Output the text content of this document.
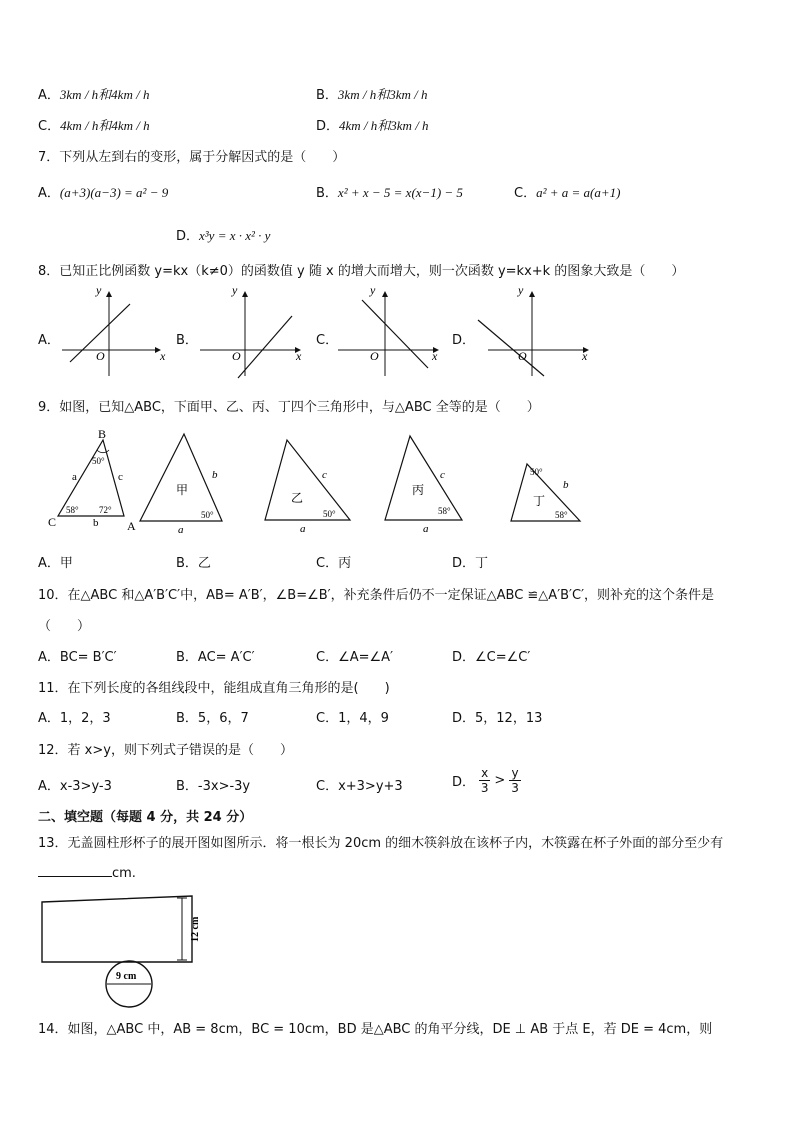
A．3km / h和4km / h	B．3km / h和3km / h
C．4km / h和4km / h	D．4km / h和3km / h
7．下列从左到右的变形，属于分解因式的是（　　）
A．(a+3)(a−3) = a² − 9	B．x² + x − 5 = x(x−1) − 5	C．a² + a = a(a+1)
D．x³y = x · x² · y
8．已知正比例函数 y=kx（k≠0）的函数值 y 随 x 的增大而增大，则一次函数 y=kx+k 的图象大致是（　　）
A．	B．	C．	D．
O	x
y
O	x
y
O	x
y
O	x
y
9．如图，已知△ABC，下面甲、乙、丙、丁四个三角形中，与△ABC 全等的是（　　）
B
C	A
a	c
b
50°
58° 72°
甲
b
a
50°
乙
c
a
50°
丙
c
a
58°
丁
b
50°
58°
A．甲	B．乙	C．丙	D．丁
10．在△ABC 和△A′B′C′中，AB= A′B′，∠B=∠B′，补充条件后仍不一定保证△ABC ≌△A′B′C′，则补充的这个条件是
（　　）
A．BC= B′C′	B．AC= A′C′	C．∠A=∠A′	D．∠C=∠C′
11．在下列长度的各组线段中，能组成直角三角形的是(　　)
A．1，2，3	B．5，6，7	C．1，4，9	D．5，12，13
12．若 x>y，则下列式子错误的是（　　）
A．x-3>y-3	B．-3x>-3y	C．x+3>y+3	D． $\frac{x}{3} > \frac{y}{3}$
二、填空题（每题 4 分，共 24 分）
13．无盖圆柱形杯子的展开图如图所示．将一根长为 20cm 的细木筷斜放在该杯子内，木筷露在杯子外面的部分至少有
cm.
12 cm
9 cm
14．如图，△ABC 中，AB = 8cm，BC = 10cm，BD 是△ABC 的角平分线，DE ⊥ AB 于点 E，若 DE = 4cm，则
